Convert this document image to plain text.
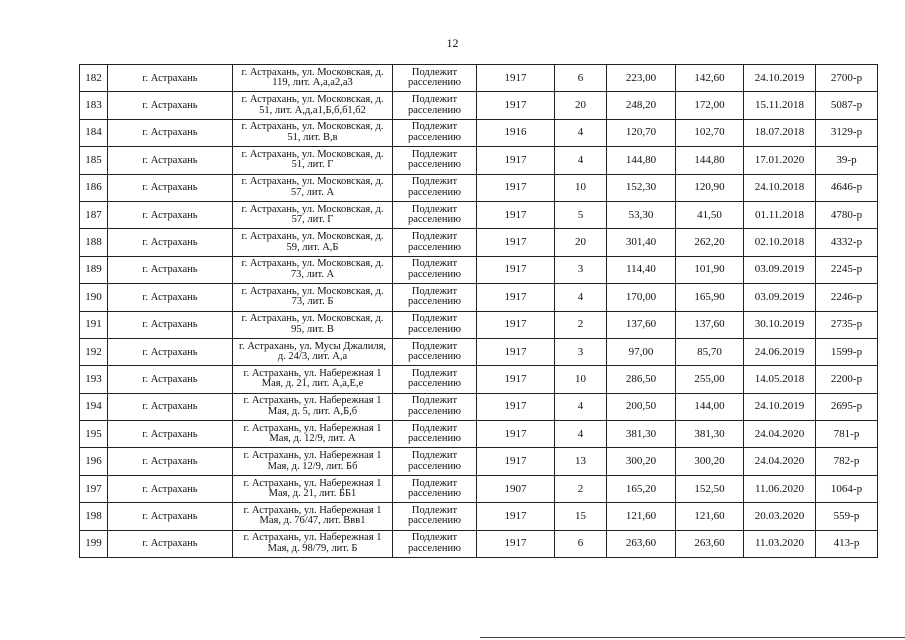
12
182	г. Астрахань	г. Астрахань, ул. Московская, д. 119, лит. А,а,а2,а3	Подлежит расселению	1917	6	223,00	142,60	24.10.2019	2700-р
183	г. Астрахань	г. Астрахань, ул. Московская, д. 51, лит. А,д,а1,Б,б,б1,б2	Подлежит расселению	1917	20	248,20	172,00	15.11.2018	5087-р
184	г. Астрахань	г. Астрахань, ул. Московская, д. 51, лит. В,в	Подлежит расселению	1916	4	120,70	102,70	18.07.2018	3129-р
185	г. Астрахань	г. Астрахань, ул. Московская, д. 51, лит. Г	Подлежит расселению	1917	4	144,80	144,80	17.01.2020	39-р
186	г. Астрахань	г. Астрахань, ул. Московская, д. 57, лит. А	Подлежит расселению	1917	10	152,30	120,90	24.10.2018	4646-р
187	г. Астрахань	г. Астрахань, ул. Московская, д. 57, лит. Г	Подлежит расселению	1917	5	53,30	41,50	01.11.2018	4780-р
188	г. Астрахань	г. Астрахань, ул. Московская, д. 59, лит. А,Б	Подлежит расселению	1917	20	301,40	262,20	02.10.2018	4332-р
189	г. Астрахань	г. Астрахань, ул. Московская, д. 73, лит. А	Подлежит расселению	1917	3	114,40	101,90	03.09.2019	2245-р
190	г. Астрахань	г. Астрахань, ул. Московская, д. 73, лит. Б	Подлежит расселению	1917	4	170,00	165,90	03.09.2019	2246-р
191	г. Астрахань	г. Астрахань, ул. Московская, д. 95, лит. В	Подлежит расселению	1917	2	137,60	137,60	30.10.2019	2735-р
192	г. Астрахань	г. Астрахань, ул. Мусы Джалиля, д. 24/3, лит. А,а	Подлежит расселению	1917	3	97,00	85,70	24.06.2019	1599-р
193	г. Астрахань	г. Астрахань, ул. Набережная 1 Мая, д. 21, лит. А,а,Е,е	Подлежит расселению	1917	10	286,50	255,00	14.05.2018	2200-р
194	г. Астрахань	г. Астрахань, ул. Набережная 1 Мая, д. 5, лит. А,Б,б	Подлежит расселению	1917	4	200,50	144,00	24.10.2019	2695-р
195	г. Астрахань	г. Астрахань, ул. Набережная 1 Мая, д. 12/9, лит. А	Подлежит расселению	1917	4	381,30	381,30	24.04.2020	781-р
196	г. Астрахань	г. Астрахань, ул. Набережная 1 Мая, д. 12/9, лит. Бб	Подлежит расселению	1917	13	300,20	300,20	24.04.2020	782-р
197	г. Астрахань	г. Астрахань, ул. Набережная 1 Мая, д. 21, лит. ББ1	Подлежит расселению	1907	2	165,20	152,50	11.06.2020	1064-р
198	г. Астрахань	г. Астрахань, ул. Набережная 1 Мая, д. 76/47, лит. Ввв1	Подлежит расселению	1917	15	121,60	121,60	20.03.2020	559-р
199	г. Астрахань	г. Астрахань, ул. Набережная 1 Мая, д. 98/79, лит. Б	Подлежит расселению	1917	6	263,60	263,60	11.03.2020	413-р
